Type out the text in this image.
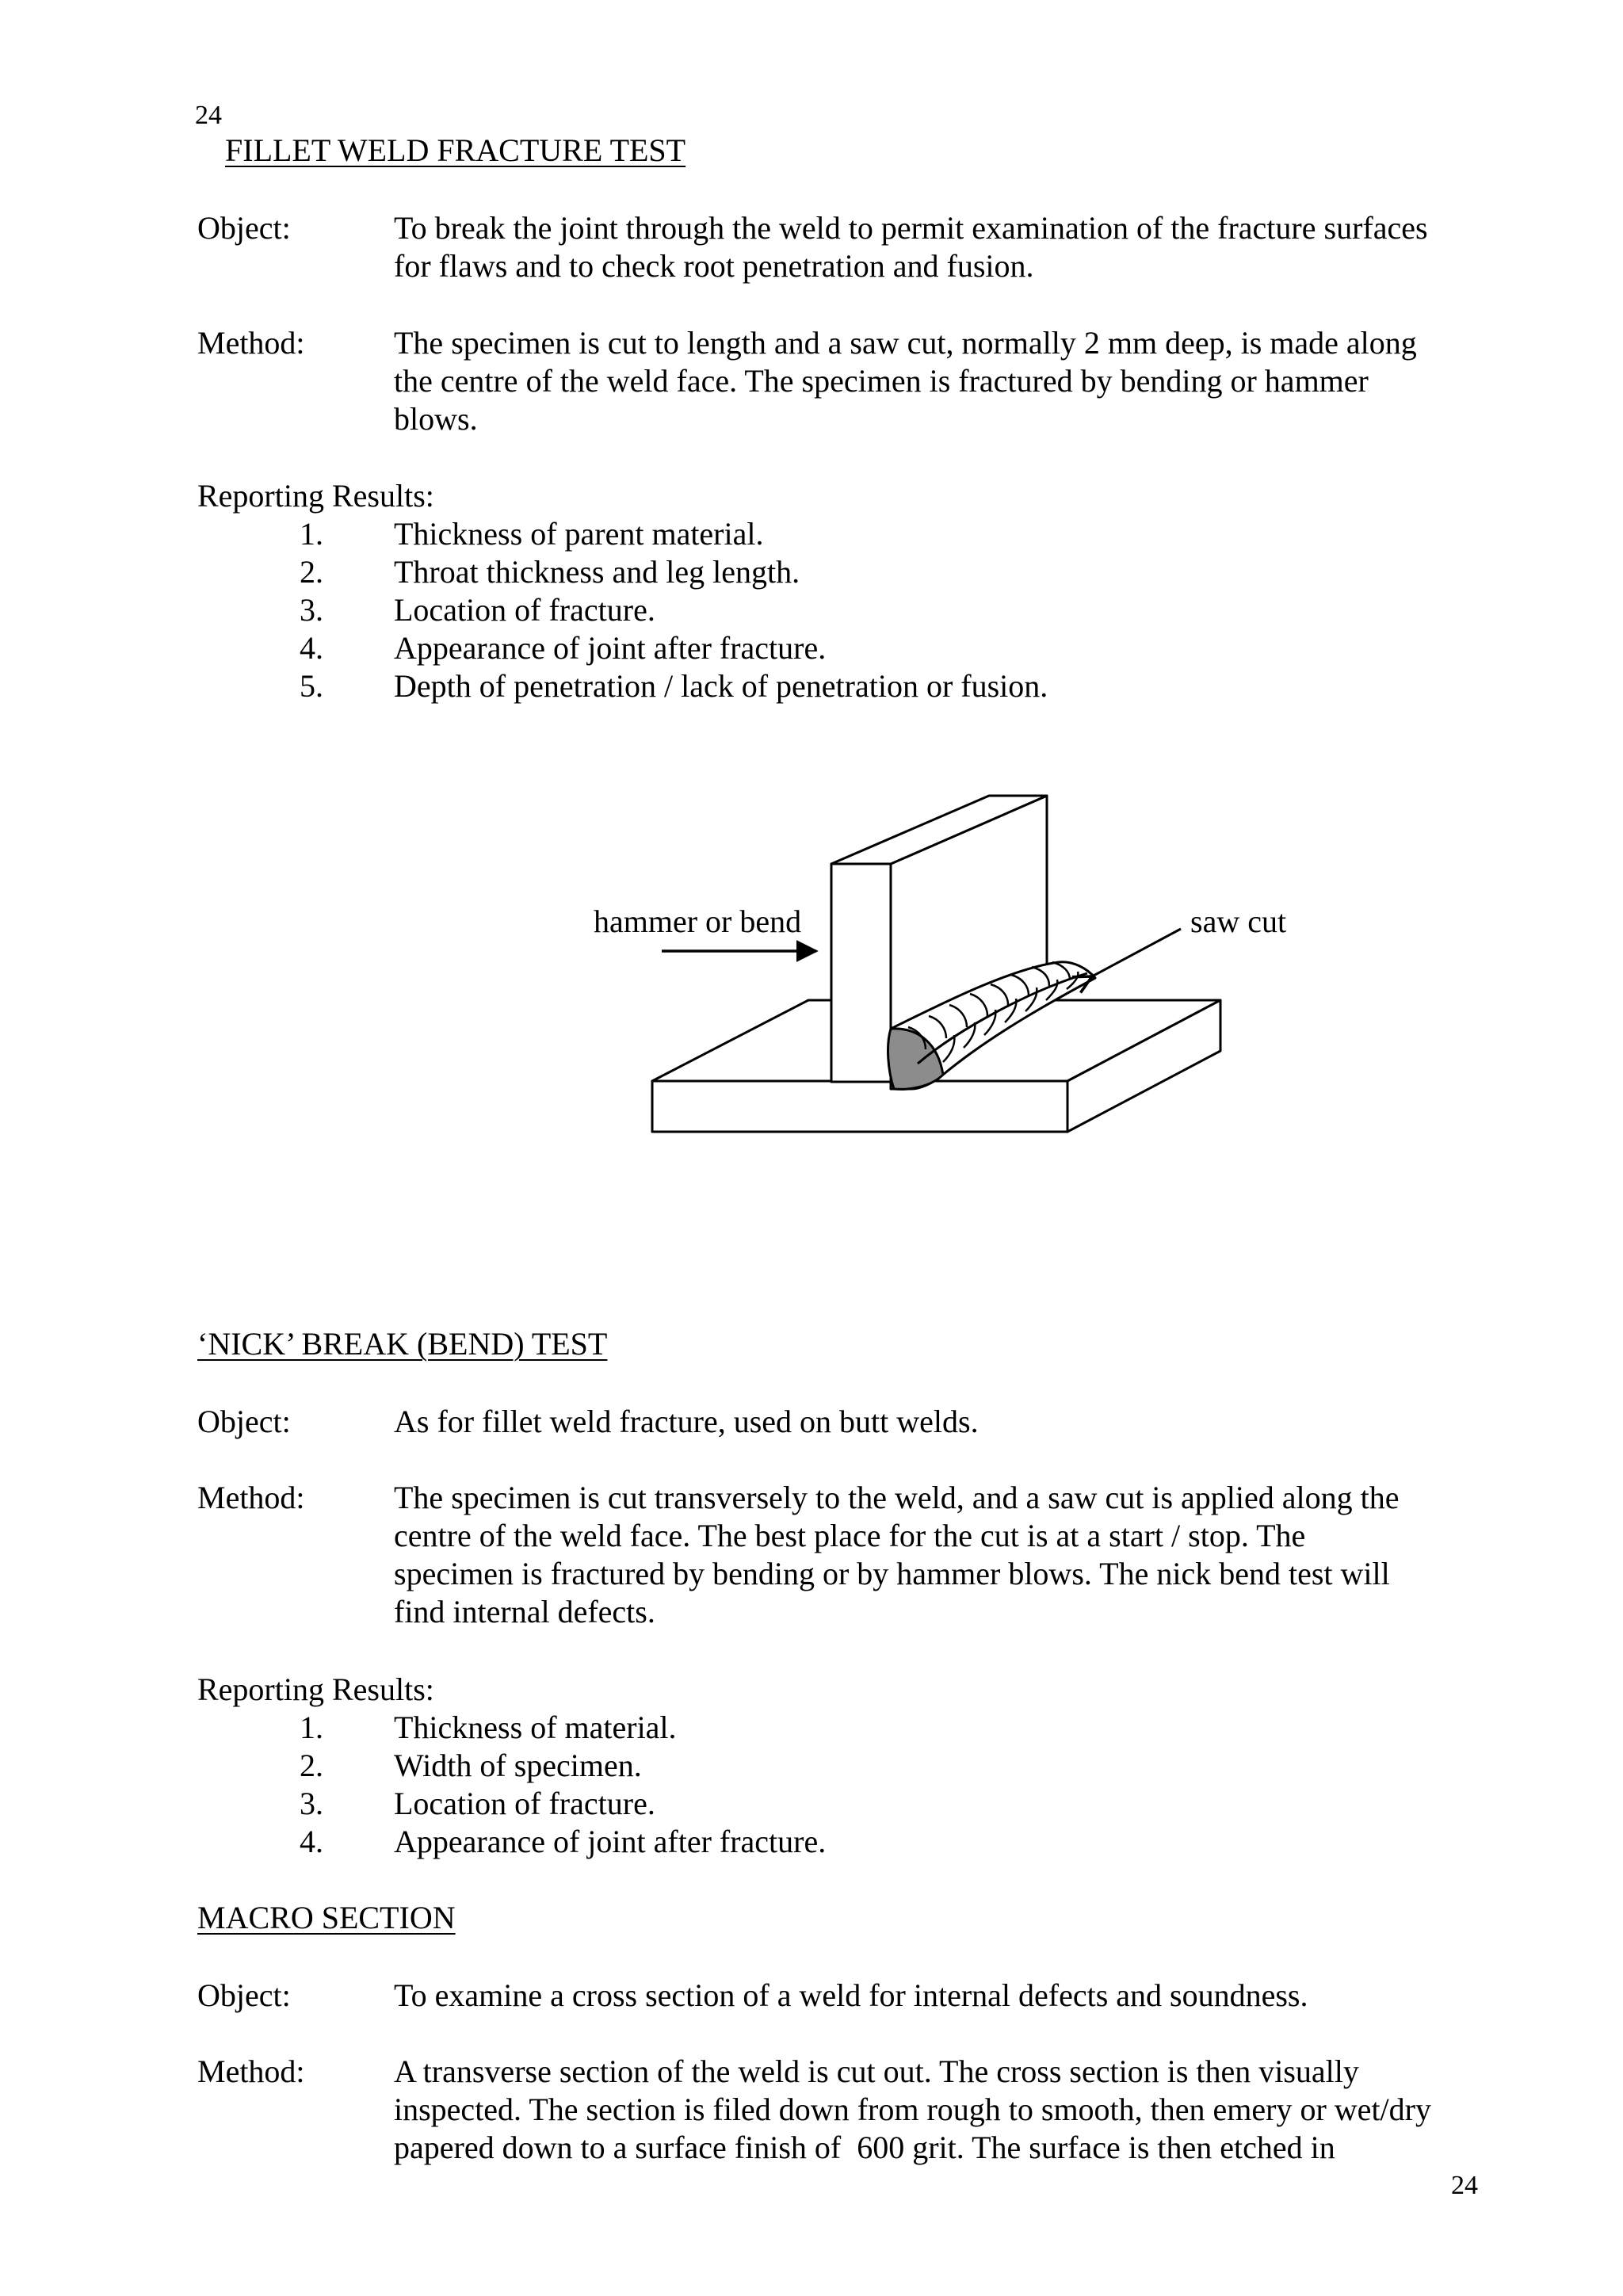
24
24
FILLET WELD FRACTURE TEST
Object:	To break the joint through the weld to permit examination of the fracture surfaces
for flaws and to check root penetration and fusion.
Method:	The specimen is cut to length and a saw cut, normally 2 mm deep, is made along
the centre of the weld face. The specimen is fractured by bending or hammer
blows.
Reporting Results:
1. Thickness of parent material.
2. Throat thickness and leg length.
3. Location of fracture.
4. Appearance of joint after fracture.
5. Depth of penetration / lack of penetration or fusion.
hammer or bend	saw cut
‘NICK’ BREAK (BEND) TEST
Object:	As for fillet weld fracture, used on butt welds.
Method:	The specimen is cut transversely to the weld, and a saw cut is applied along the
centre of the weld face. The best place for the cut is at a start / stop. The
specimen is fractured by bending or by hammer blows. The nick bend test will
find internal defects.
Reporting Results:
1. Thickness of material.
2. Width of specimen.
3. Location of fracture.
4. Appearance of joint after fracture.
MACRO SECTION
Object:	To examine a cross section of a weld for internal defects and soundness.
Method:	A transverse section of the weld is cut out. The cross section is then visually
inspected. The section is filed down from rough to smooth, then emery or wet/dry
papered down to a surface finish of  600 grit. The surface is then etched in
